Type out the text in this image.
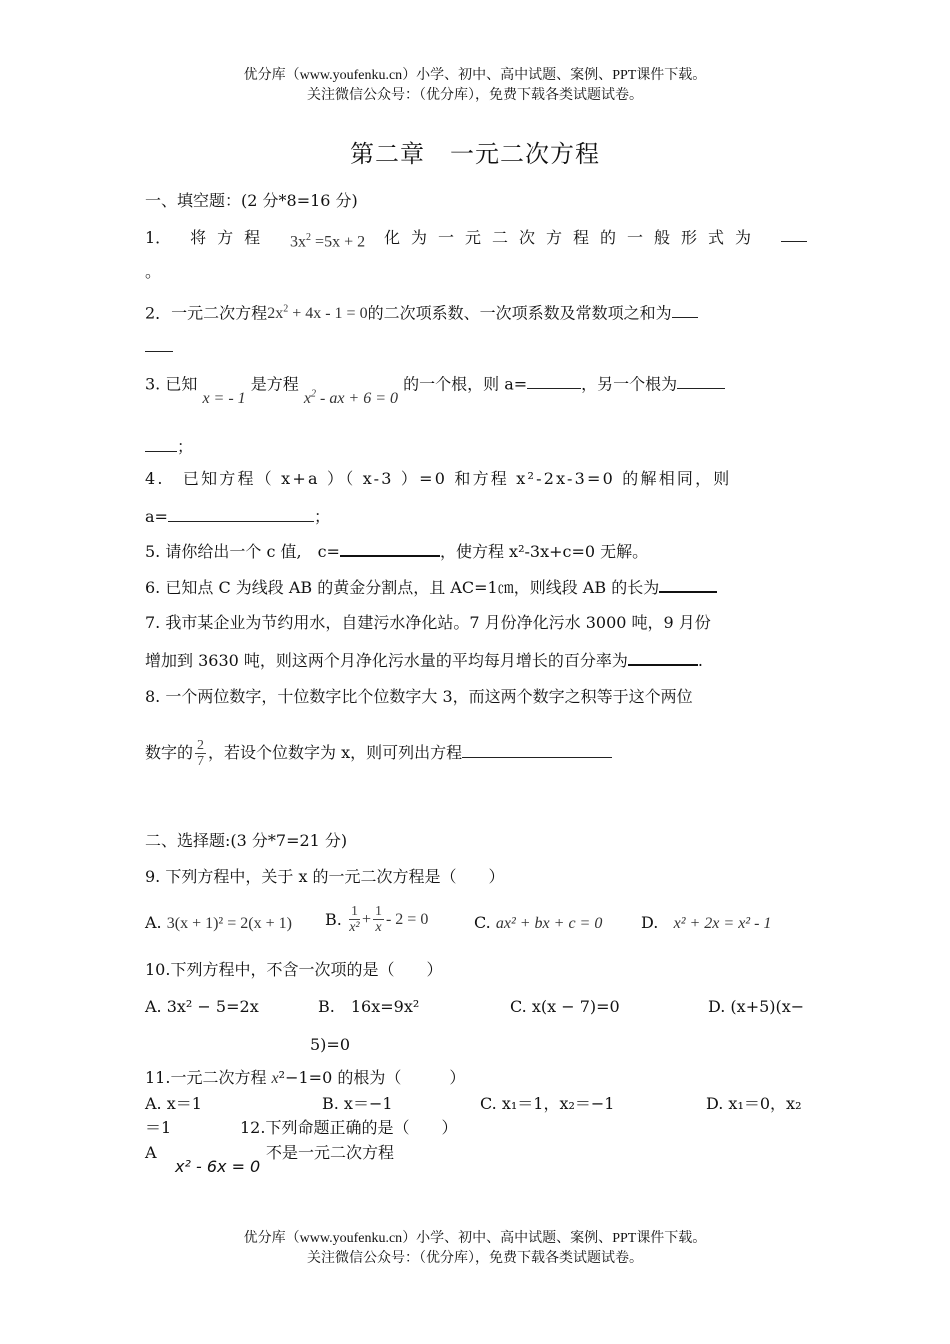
优分库（www.youfenku.cn）小学、初中、高中试题、案例、PPT课件下载。
关注微信公众号：（优分库），免费下载各类试题试卷。
第二章　一元二次方程
一、填空题：(2 分*8=16 分)
1． 将方程 $3x^2 =5x + 2$ 化为一元二次方程的一般形式为
。
2．一元二次方程$2x^2 + 4x - 1 = 0$的二次项系数、一次项系数及常数项之和为
3. 已知 x = - 1 是方程 $x^2$ - ax + 6 = 0 的一个根，则 a=	，另一个根为
；
4.　已知方程（ x+a ）（ x-3 ）=0 和方程 x²-2x-3=0 的解相同，则
a=	；
5. 请你给出一个 c 值,　c=	，使方程 x²-3x+c=0 无解。
6. 已知点 C 为线段 AB 的黄金分割点，且 AC=1㎝，则线段 AB 的长为
7. 我市某企业为节约用水，自建污水净化站。7 月份净化污水 3000 吨，9 月份
增加到 3630 吨，则这两个月净化污水量的平均每月增长的百分率为	.
8. 一个两位数字，十位数字比个位数字大 3，而这两个数字之积等于这个两位
数字的 $\frac{2}{7}$ ，若设个位数字为 x，则可列出方程
二、选择题:(3 分*7=21 分)
9. 下列方程中，关于 x 的一元二次方程是（　　）
A. 3(x + 1)² = 2(x + 1) B.
$\frac{1}{\text{x²}} + \frac{1}{x} - 2 = 0$	C. ax² + bx + c = 0 D. x² + 2x = x² - 1
10.下列方程中，不含一次项的是（　　）
A. 3x² − 5=2x	B.　16x=9x²	C. x(x − 7)=0	D. (x+5)(x−
5)=0
11.一元二次方程 x²−1=0 的根为（　　　）
A. x＝1	B. x＝−1	C. x₁＝1，x₂＝−1	D. x₁＝0，x₂
＝1	12.下列命题正确的是（　　）
A
x² - 6x = 0
不是一元二次方程
优分库（www.youfenku.cn）小学、初中、高中试题、案例、PPT课件下载。
关注微信公众号：（优分库），免费下载各类试题试卷。
